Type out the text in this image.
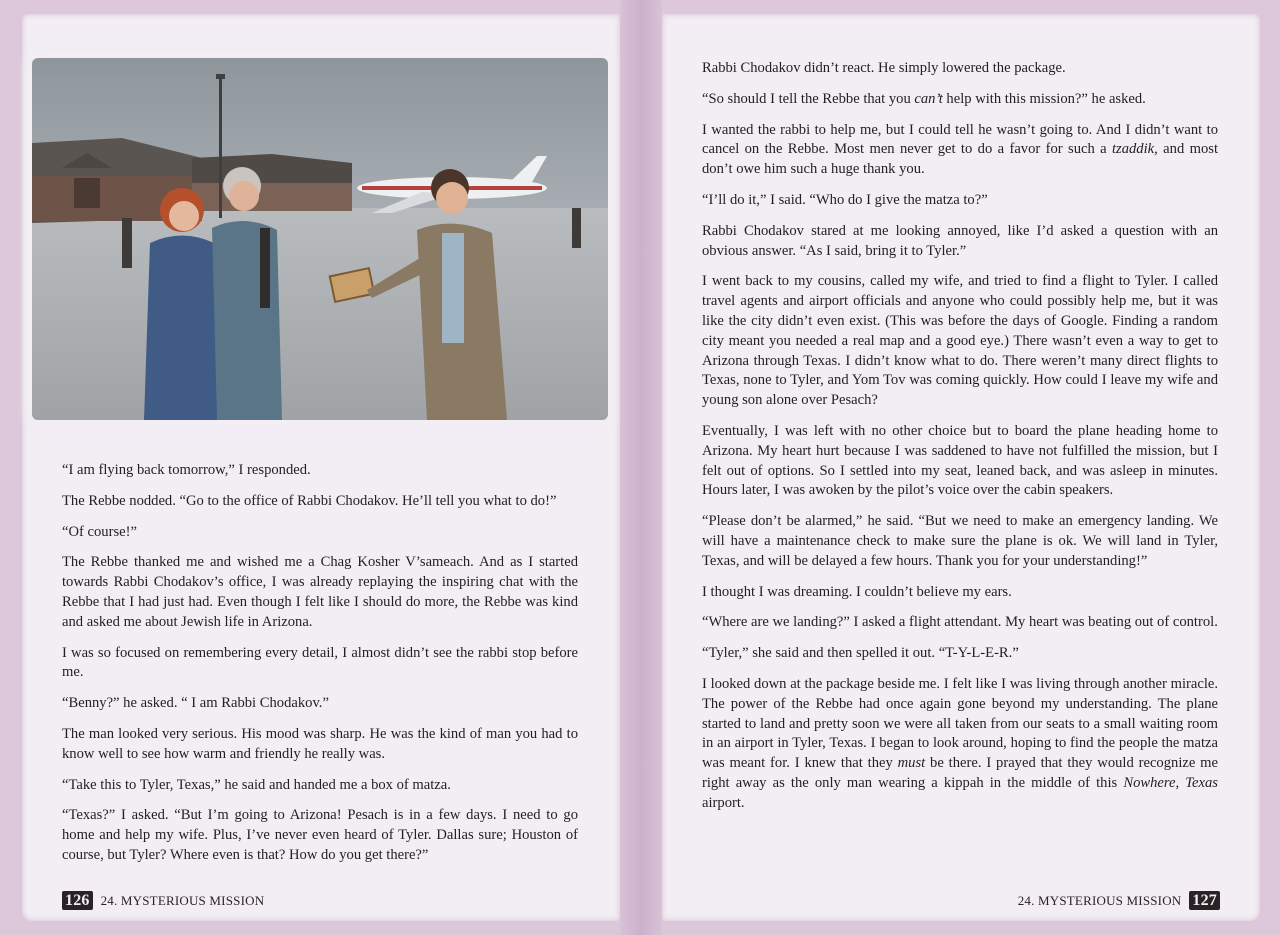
“I am flying back tomorrow,” I responded.

The Rebbe nodded. “Go to the office of Rabbi Chodakov. He’ll tell you what to do!”

“Of course!”

The Rebbe thanked me and wished me a Chag Kosher V’sameach. And as I started towards Rabbi Chodakov’s office, I was already replaying the inspiring chat with the Rebbe that I had just had. Even though I felt like I should do more, the Rebbe was kind and asked me about Jewish life in Arizona.

I was so focused on remembering every detail, I almost didn’t see the rabbi stop before me.

“Benny?” he asked. “ I am Rabbi Chodakov.”

The man looked very serious. His mood was sharp. He was the kind of man you had to know well to see how warm and friendly he really was.

“Take this to Tyler, Texas,” he said and handed me a box of matza.

“Texas?” I asked. “But I’m going to Arizona! Pesach is in a few days. I need to go home and help my wife. Plus, I’ve never even heard of Tyler. Dallas sure; Houston of course, but Tyler? Where even is that? How do you get there?”

126 24. MYSTERIOUS MISSION

Rabbi Chodakov didn’t react. He simply lowered the package.

“So should I tell the Rebbe that you can’t help with this mission?” he asked.

I wanted the rabbi to help me, but I could tell he wasn’t going to. And I didn’t want to cancel on the Rebbe. Most men never get to do a favor for such a tzaddik, and most don’t owe him such a huge thank you.

“I’ll do it,” I said. “Who do I give the matza to?”

Rabbi Chodakov stared at me looking annoyed, like I’d asked a question with an obvious answer. “As I said, bring it to Tyler.”

I went back to my cousins, called my wife, and tried to find a flight to Tyler. I called travel agents and airport officials and anyone who could possibly help me, but it was like the city didn’t even exist. (This was before the days of Google. Finding a random city meant you needed a real map and a good eye.) There wasn’t even a way to get to Arizona through Texas. I didn’t know what to do. There weren’t many direct flights to Texas, none to Tyler, and Yom Tov was coming quickly. How could I leave my wife and young son alone over Pesach?

Eventually, I was left with no other choice but to board the plane heading home to Arizona. My heart hurt because I was saddened to have not fulfilled the mission, but I felt out of options. So I settled into my seat, leaned back, and was asleep in minutes. Hours later, I was awoken by the pilot’s voice over the cabin speakers.

“Please don’t be alarmed,” he said. “But we need to make an emergency landing. We will have a maintenance check to make sure the plane is ok. We will land in Tyler, Texas, and will be delayed a few hours. Thank you for your understanding!”

I thought I was dreaming. I couldn’t believe my ears.

“Where are we landing?” I asked a flight attendant. My heart was beating out of control.

“Tyler,” she said and then spelled it out. “T-Y-L-E-R.”

I looked down at the package beside me. I felt like I was living through another miracle. The power of the Rebbe had once again gone beyond my understanding. The plane started to land and pretty soon we were all taken from our seats to a small waiting room in an airport in Tyler, Texas. I began to look around, hoping to find the people the matza was meant for. I knew that they must be there. I prayed that they would recognize me right away as the only man wearing a kippah in the middle of this Nowhere, Texas airport.

24. MYSTERIOUS MISSION 127
